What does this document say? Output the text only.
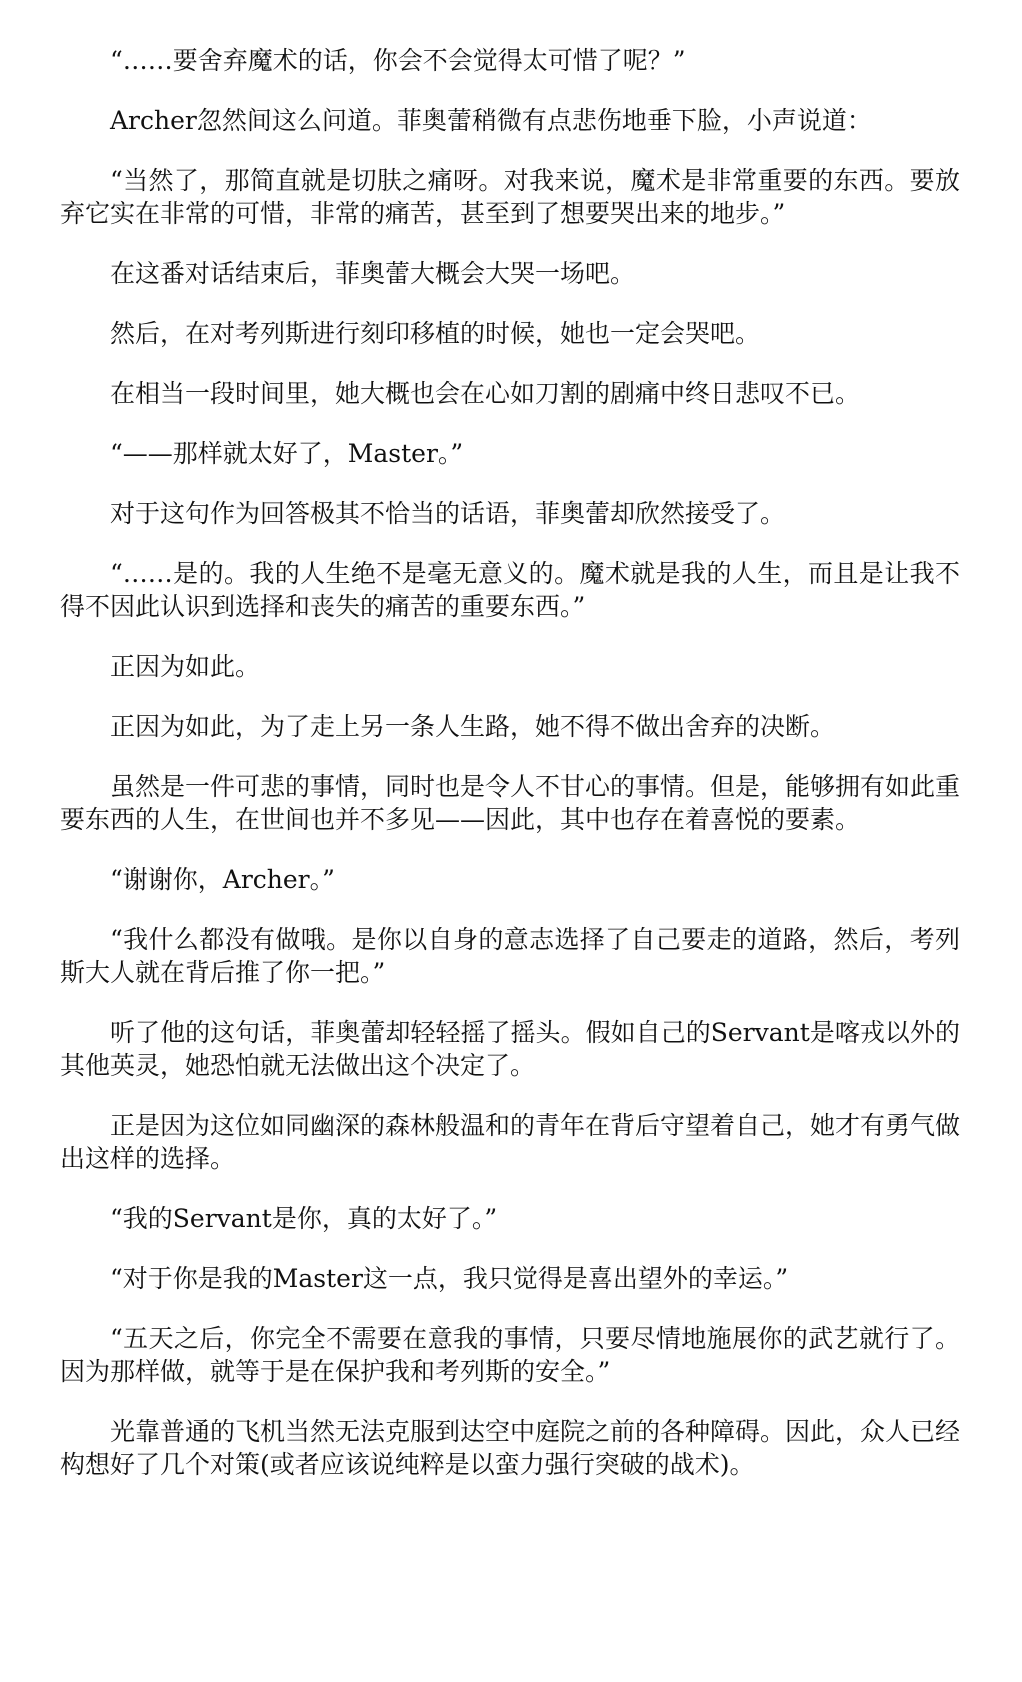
“……要舍弃魔术的话，你会不会觉得太可惜了呢？”

Archer忽然间这么问道。菲奥蕾稍微有点悲伤地垂下脸，小声说道：

“当然了，那简直就是切肤之痛呀。对我来说，魔术是非常重要的东西。要放弃它实在非常的可惜，非常的痛苦，甚至到了想要哭出来的地步。”

在这番对话结束后，菲奥蕾大概会大哭一场吧。

然后，在对考列斯进行刻印移植的时候，她也一定会哭吧。

在相当一段时间里，她大概也会在心如刀割的剧痛中终日悲叹不已。

“——那样就太好了，Master。”

对于这句作为回答极其不恰当的话语，菲奥蕾却欣然接受了。

“……是的。我的人生绝不是毫无意义的。魔术就是我的人生，而且是让我不得不因此认识到选择和丧失的痛苦的重要东西。”

正因为如此。

正因为如此，为了走上另一条人生路，她不得不做出舍弃的决断。

虽然是一件可悲的事情，同时也是令人不甘心的事情。但是，能够拥有如此重要东西的人生，在世间也并不多见——因此，其中也存在着喜悦的要素。

“谢谢你，Archer。”

“我什么都没有做哦。是你以自身的意志选择了自己要走的道路，然后，考列斯大人就在背后推了你一把。”

听了他的这句话，菲奥蕾却轻轻摇了摇头。假如自己的Servant是喀戎以外的其他英灵，她恐怕就无法做出这个决定了。

正是因为这位如同幽深的森林般温和的青年在背后守望着自己，她才有勇气做出这样的选择。

“我的Servant是你，真的太好了。”

“对于你是我的Master这一点，我只觉得是喜出望外的幸运。”

“五天之后，你完全不需要在意我的事情，只要尽情地施展你的武艺就行了。因为那样做，就等于是在保护我和考列斯的安全。”

光靠普通的飞机当然无法克服到达空中庭院之前的各种障碍。因此，众人已经构想好了几个对策(或者应该说纯粹是以蛮力强行突破的战术)。
